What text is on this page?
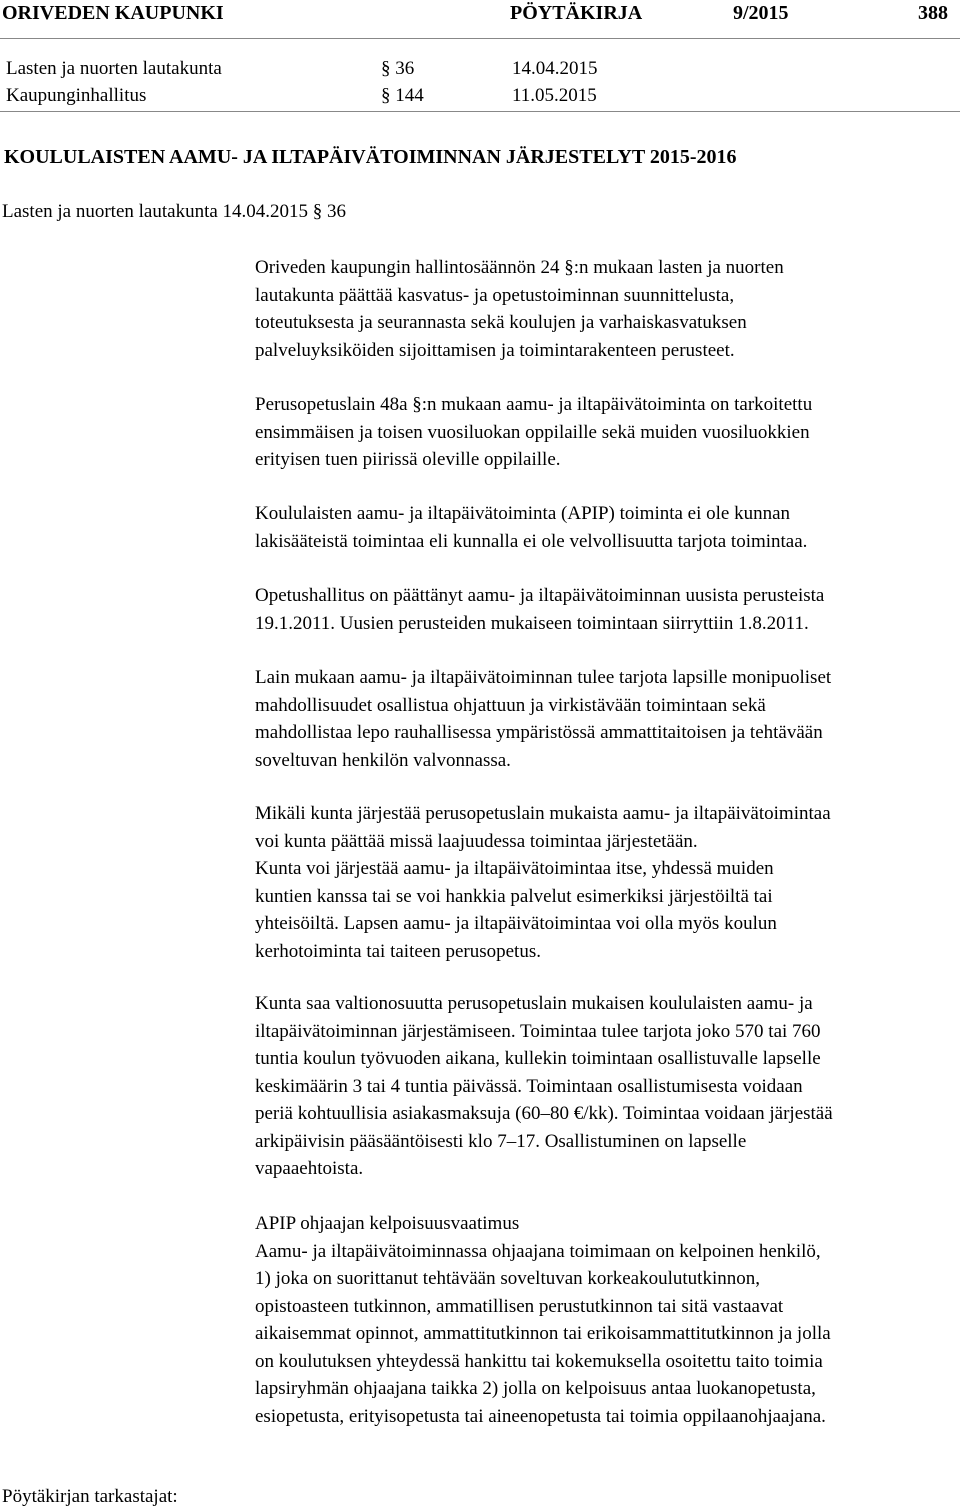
ORIVEDEN KAUPUNKI	PÖYTÄKIRJA	9/2015	388
Lasten ja nuorten lautakunta	§ 36	14.04.2015
Kaupunginhallitus	§ 144	11.05.2015
KOULULAISTEN AAMU- JA ILTAPÄIVÄTOIMINNAN JÄRJESTELYT 2015-2016
Lasten ja nuorten lautakunta 14.04.2015 § 36
Oriveden kaupungin hallintosäännön 24 §:n mukaan lasten ja nuorten
lautakunta päättää kasvatus- ja opetustoiminnan suunnittelusta,
toteutuksesta ja seurannasta sekä koulujen ja varhaiskasvatuksen
palveluyksiköiden sijoittamisen ja toimintarakenteen perusteet.
Perusopetuslain 48a §:n mukaan aamu- ja iltapäivätoiminta on tarkoitettu
ensimmäisen ja toisen vuosiluokan oppilaille sekä muiden vuosiluokkien
erityisen tuen piirissä oleville oppilaille.
Koululaisten aamu- ja iltapäivätoiminta (APIP) toiminta ei ole kunnan
lakisääteistä toimintaa eli kunnalla ei ole velvollisuutta tarjota toimintaa.
Opetushallitus on päättänyt aamu- ja iltapäivätoiminnan uusista perusteista
19.1.2011. Uusien perusteiden mukaiseen toimintaan siirryttiin 1.8.2011.
Lain mukaan aamu- ja iltapäivätoiminnan tulee tarjota lapsille monipuoliset
mahdollisuudet osallistua ohjattuun ja virkistävään toimintaan sekä
mahdollistaa lepo rauhallisessa ympäristössä ammattitaitoisen ja tehtävään
soveltuvan henkilön valvonnassa.
Mikäli kunta järjestää perusopetuslain mukaista aamu- ja iltapäivätoimintaa
voi kunta päättää missä laajuudessa toimintaa järjestetään.
Kunta voi järjestää aamu- ja iltapäivätoimintaa itse, yhdessä muiden
kuntien kanssa tai se voi hankkia palvelut esimerkiksi järjestöiltä tai
yhteisöiltä. Lapsen aamu- ja iltapäivätoimintaa voi olla myös koulun
kerhotoiminta tai taiteen perusopetus.
Kunta saa valtionosuutta perusopetuslain mukaisen koululaisten aamu- ja
iltapäivätoiminnan järjestämiseen. Toimintaa tulee tarjota joko 570 tai 760
tuntia koulun työvuoden aikana, kullekin toimintaan osallistuvalle lapselle
keskimäärin 3 tai 4 tuntia päivässä. Toimintaan osallistumisesta voidaan
periä kohtuullisia asiakasmaksuja (60–80 €/kk). Toimintaa voidaan järjestää
arkipäivisin pääsääntöisesti klo 7–17. Osallistuminen on lapselle
vapaaehtoista.
APIP ohjaajan kelpoisuusvaatimus
Aamu- ja iltapäivätoiminnassa ohjaajana toimimaan on kelpoinen henkilö,
1) joka on suorittanut tehtävään soveltuvan korkeakoulututkinnon,
opistoasteen tutkinnon, ammatillisen perustutkinnon tai sitä vastaavat
aikaisemmat opinnot, ammattitutkinnon tai erikoisammattitutkinnon ja jolla
on koulutuksen yhteydessä hankittu tai kokemuksella osoitettu taito toimia
lapsiryhmän ohjaajana taikka 2) jolla on kelpoisuus antaa luokanopetusta,
esiopetusta, erityisopetusta tai aineenopetusta tai toimia oppilaanohjaajana.
Pöytäkirjan tarkastajat:
